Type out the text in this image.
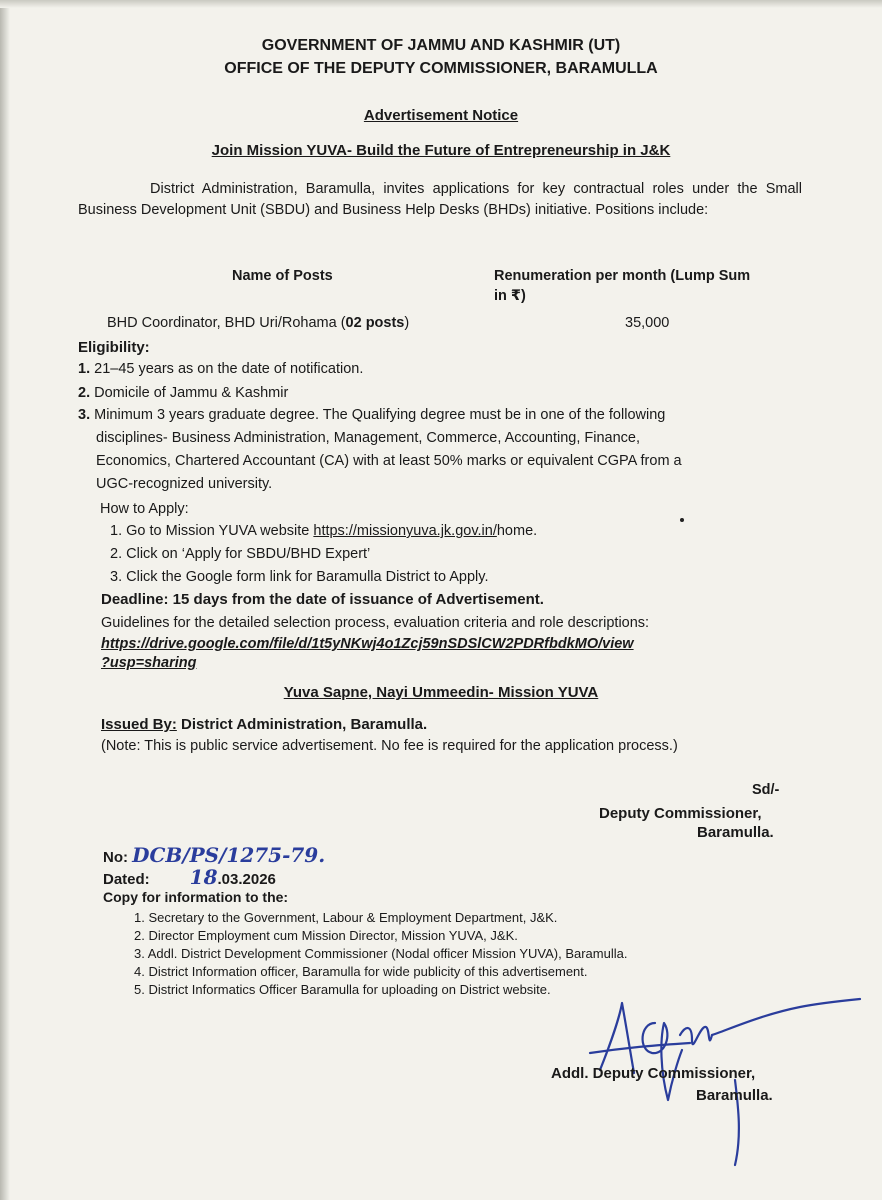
GOVERNMENT OF JAMMU AND KASHMIR (UT)
OFFICE OF THE DEPUTY COMMISSIONER, BARAMULLA
Advertisement Notice
Join Mission YUVA- Build the Future of Entrepreneurship in J&K
District Administration, Baramulla, invites applications for key contractual roles under the Small Business Development Unit (SBDU) and Business Help Desks (BHDs) initiative. Positions include:
Name of Posts	Renumeration per month (Lump Sum
in ₹)
BHD Coordinator, BHD Uri/Rohama (02 posts)	35,000
Eligibility:
1. 21–45 years as on the date of notification.
2. Domicile of Jammu & Kashmir
3. Minimum 3 years graduate degree. The Qualifying degree must be in one of the following
disciplines- Business Administration, Management, Commerce, Accounting, Finance,
Economics, Chartered Accountant (CA) with at least 50% marks or equivalent CGPA from a
UGC-recognized university.
How to Apply:
1. Go to Mission YUVA website https://missionyuva.jk.gov.in/home.
2. Click on ‘Apply for SBDU/BHD Expert’
3. Click the Google form link for Baramulla District to Apply.
Deadline: 15 days from the date of issuance of Advertisement.
Guidelines for the detailed selection process, evaluation criteria and role descriptions:
https://drive.google.com/file/d/1t5yNKwj4o1Zcj59nSDSlCW2PDRfbdkMO/view
?usp=sharing
Yuva Sapne, Nayi Ummeedin- Mission YUVA
Issued By: District Administration, Baramulla.
(Note: This is public service advertisement. No fee is required for the application process.)
Sd/-
Deputy Commissioner,
Baramulla.
No: DCB/PS/1275-79.
Dated: 18.03.2026
Copy for information to the:
1. Secretary to the Government, Labour & Employment Department, J&K.
2. Director Employment cum Mission Director, Mission YUVA, J&K.
3. Addl. District Development Commissioner (Nodal officer Mission YUVA), Baramulla.
4. District Information officer, Baramulla for wide publicity of this advertisement.
5. District Informatics Officer Baramulla for uploading on District website.
Addl. Deputy Commissioner,
Baramulla.
